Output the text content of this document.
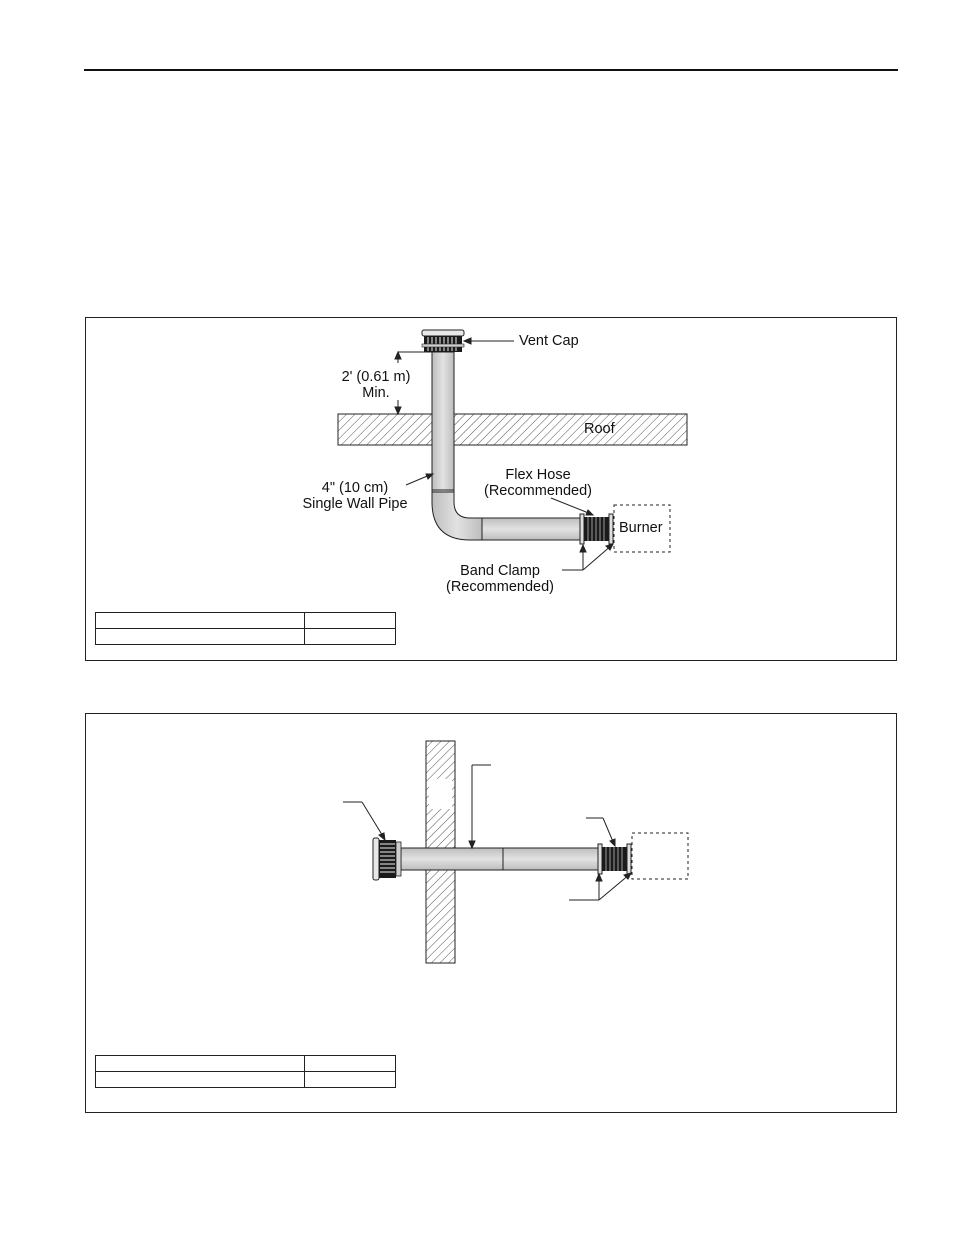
Vent Cap
2' (0.61 m)
Min.
Roof
4" (10 cm)
Single Wall Pipe
Flex Hose
(Recommended)
Burner
Band Clamp
(Recommended)
